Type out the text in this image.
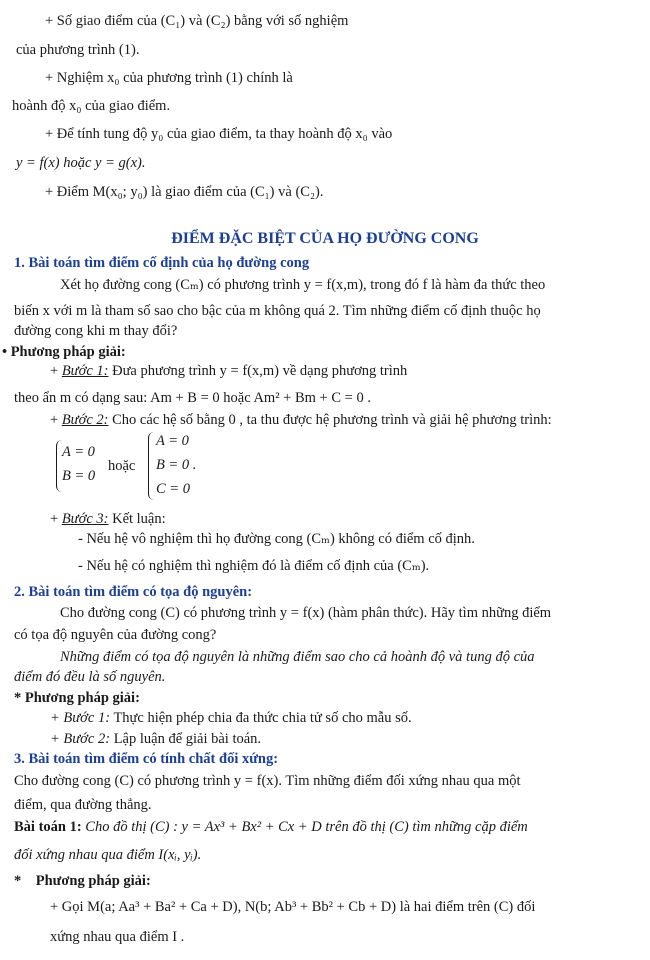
+ Số giao điểm của (C₁) và (C₂) bằng với số nghiệm
của phương trình (1).
+ Nghiệm x₀ của phương trình (1) chính là
hoành độ x₀ của giao điểm.
+ Để tính tung độ y₀ của giao điểm, ta thay hoành độ x₀ vào
y = f(x) hoặc y = g(x).
+ Điểm M(x₀; y₀) là giao điểm của (C₁) và (C₂).
ĐIỂM ĐẶC BIỆT CỦA HỌ ĐƯỜNG CONG
1. Bài toán tìm điểm cố định của họ đường cong
Xét họ đường cong (Cₘ) có phương trình y = f(x,m), trong đó f là hàm đa thức theo
biến x với m là tham số sao cho bậc của m không quá 2. Tìm những điểm cố định thuộc họ
đường cong khi m thay đổi?
• Phương pháp giải:
+ Bước 1: Đưa phương trình y = f(x,m) về dạng phương trình
theo ẩn m có dạng sau: Am + B = 0 hoặc Am² + Bm + C = 0 .
+ Bước 2: Cho các hệ số bằng 0 , ta thu được hệ phương trình và giải hệ phương trình:
A = 0
B = 0
hoặc
A = 0
B = 0 .
C = 0
+ Bước 3: Kết luận:
- Nếu hệ vô nghiệm thì họ đường cong (Cₘ) không có điểm cố định.
- Nếu hệ có nghiệm thì nghiệm đó là điểm cố định của (Cₘ).
2. Bài toán tìm điểm có tọa độ nguyên:
Cho đường cong (C) có phương trình y = f(x) (hàm phân thức). Hãy tìm những điểm
có tọa độ nguyên của đường cong?
Những điểm có tọa độ nguyên là những điểm sao cho cả hoành độ và tung độ của
điểm đó đều là số nguyên.
* Phương pháp giải:
+ Bước 1: Thực hiện phép chia đa thức chia tử số cho mẫu số.
+ Bước 2: Lập luận để giải bài toán.
3. Bài toán tìm điểm có tính chất đối xứng:
Cho đường cong (C) có phương trình y = f(x). Tìm những điểm đối xứng nhau qua một
điểm, qua đường thẳng.
Bài toán 1: Cho đồ thị (C) : y = Ax³ + Bx² + Cx + D trên đồ thị (C) tìm những cặp điểm
đối xứng nhau qua điểm I(xᵢ, yᵢ).
* Phương pháp giải:
+ Gọi M(a; Aa³ + Ba² + Ca + D), N(b; Ab³ + Bb² + Cb + D) là hai điểm trên (C) đối
xứng nhau qua điểm I .
